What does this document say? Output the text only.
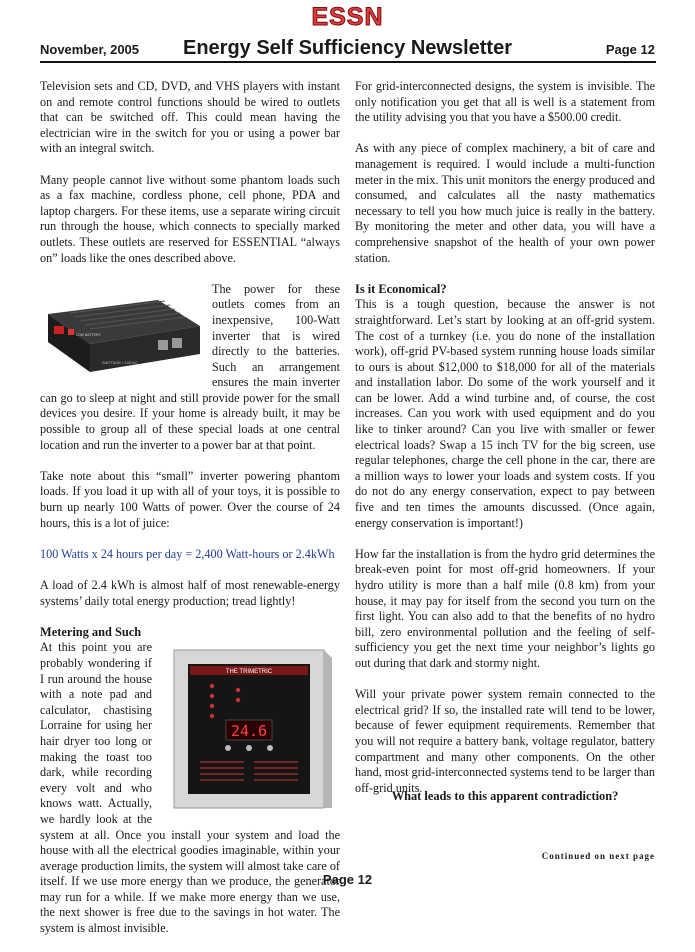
ESSN
November, 2005	Energy Self Sufficiency Newsletter	Page 12

Television sets and CD, DVD, and VHS players with instant on and remote control functions should be wired to outlets that can be switched off. This could mean having the electrician wire in the switch for you or using a power bar with an integral switch.

Many people cannot live without some phantom loads such as a fax machine, cordless phone, cell phone, PDA and laptop chargers. For these items, use a separate wiring circuit run through the house, which connects to specially marked outlets. These outlets are reserved for ESSENTIAL “always on” loads like the ones described above.

LOW BATTERY
WATTAGE / 100 AC

The power for these outlets comes from an inexpensive, 100-Watt inverter that is wired directly to the batteries. Such an arrangement ensures the main inverter can go to sleep at night and still provide power for the small devices you desire. If your home is already built, it may be possible to group all of these special loads at one central location and run the inverter to a power bar at that point.

Take note about this “small” inverter powering phantom loads. If you load it up with all of your toys, it is possible to burn up nearly 100 Watts of power. Over the course of 24 hours, this is a lot of juice:

100 Watts x 24 hours per day = 2,400 Watt-hours or 2.4kWh

A load of 2.4 kWh is almost half of most renewable-energy systems’ daily total energy production; tread lightly!

Metering and Such
THE TRIMETRIC
24.6

At this point you are probably wondering if I run around the house with a note pad and calculator, chastising Lorraine for using her hair dryer too long or making the toast too dark, while recording every volt and who knows watt. Actually, we hardly look at the system at all. Once you install your system and load the house with all the electrical goodies imaginable, within your average production limits, the system will almost take care of itself. If we use more energy than we produce, the generator may run for a while. If we make more energy than we use, the next shower is free due to the savings in hot water. The system is almost invisible.

For grid-interconnected designs, the system is invisible. The only notification you get that all is well is a statement from the utility advising you that you have a $500.00 credit.

As with any piece of complex machinery, a bit of care and management is required. I would include a multi-function meter in the mix. This unit monitors the energy produced and consumed, and calculates all the nasty mathematics necessary to tell you how much juice is really in the battery. By monitoring the meter and other data, you will have a comprehensive snapshot of the health of your own power station.

Is it Economical?

This is a tough question, because the answer is not straightforward. Let’s start by looking at an off-grid system. The cost of a turnkey (i.e. you do none of the installation work), off-grid PV-based system running house loads similar to ours is about $12,000 to $18,000 for all of the materials and installation labor. Do some of the work yourself and it can be lower. Add a wind turbine and, of course, the cost increases. Can you work with used equipment and do you like to tinker around? Can you live with smaller or fewer electrical loads? Swap a 15 inch TV for the big screen, use regular telephones, charge the cell phone in the car, there are a million ways to lower your loads and system costs. If you do not do any energy conservation, expect to pay between five and ten times the amounts discussed. (Once again, energy conservation is important!)

How far the installation is from the hydro grid determines the break-even point for most off-grid homeowners. If your hydro utility is more than a half mile (0.8 km) from your house, it may pay for itself from the second you turn on the first light. You can also add to that the benefits of no hydro bill, zero environmental pollution and the feeling of self-sufficiency you get the next time your neighbor’s lights go out during that dark and stormy night.

Will your private power system remain connected to the electrical grid? If so, the installed rate will tend to be lower, because of fewer equipment requirements. Remember that you will not require a battery bank, voltage regulator, battery compartment and many other components. On the other hand, most grid-interconnected systems tend to be larger than off-grid units.

What leads to this apparent contradiction?
Continued on next page
Page 12
